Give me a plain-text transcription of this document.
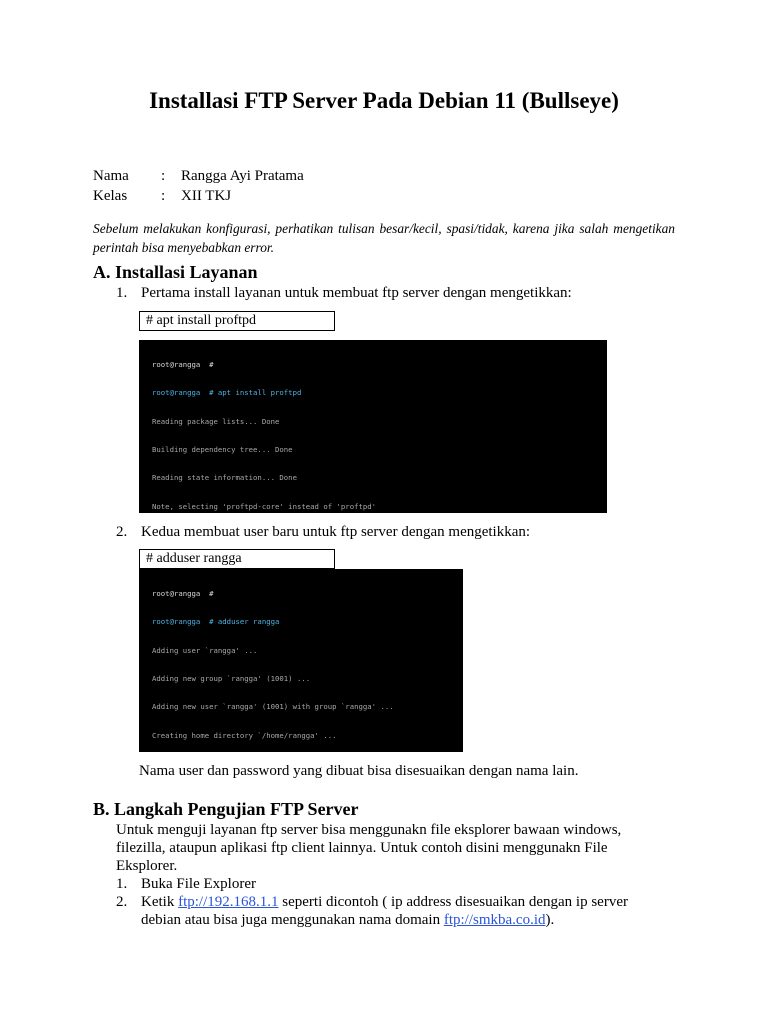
Installasi FTP Server Pada Debian 11 (Bullseye)
Nama	: Rangga Ayi Pratama
Kelas	: XII TKJ
Sebelum melakukan konfigurasi, perhatikan tulisan besar/kecil, spasi/tidak, karena jika salah mengetikan perintah bisa menyebabkan error.
A. Installasi Layanan
1. Pertama install layanan untuk membuat ftp server dengan mengetikkan:
# apt install proftpd

root@rangga  #

root@rangga  # apt install proftpd

Reading package lists... Done

Building dependency tree... Done

Reading state information... Done

Note, selecting 'proftpd-core' instead of 'proftpd'

2. Kedua membuat user baru untuk ftp server dengan mengetikkan:
# adduser rangga

root@rangga  #

root@rangga  # adduser rangga

Adding user `rangga' ...

Adding new group `rangga' (1001) ...

Adding new user `rangga' (1001) with group `rangga' ...

Creating home directory `/home/rangga' ...

Nama user dan password yang dibuat bisa disesuaikan dengan nama lain.
B. Langkah Pengujian FTP Server
Untuk menguji layanan ftp server bisa menggunakn file eksplorer bawaan windows,
filezilla, ataupun aplikasi ftp client lainnya. Untuk contoh disini menggunakn File
Eksplorer.
1. Buka File Explorer
2. Ketik ftp://192.168.1.1 seperti dicontoh ( ip address disesuaikan dengan ip server
debian atau bisa juga menggunakan nama domain ftp://smkba.co.id).
